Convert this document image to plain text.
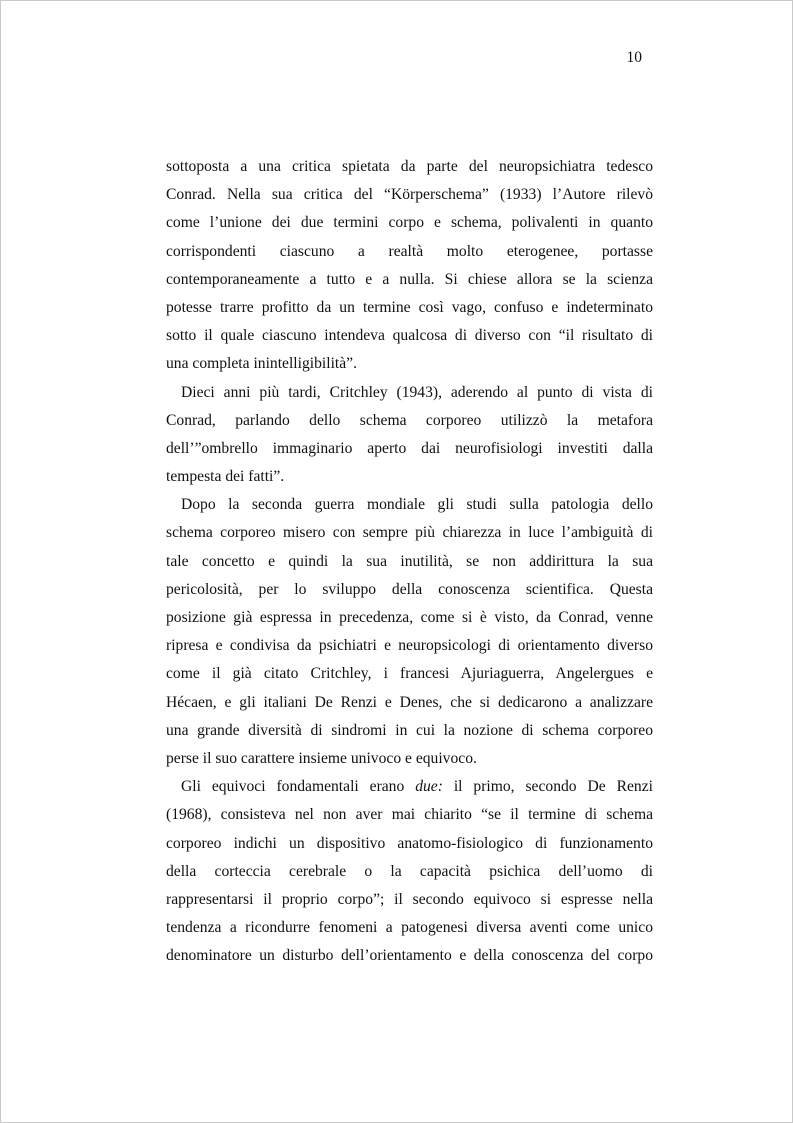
10
sottoposta a una critica spietata da parte del neuropsichiatra tedesco
Conrad. Nella sua critica del “Körperschema” (1933) l’Autore rilevò
come l’unione dei due termini corpo e schema, polivalenti in quanto
corrispondenti ciascuno a realtà molto eterogenee, portasse
contemporaneamente a tutto e a nulla. Si chiese allora se la scienza
potesse trarre profitto da un termine così vago, confuso e indeterminato
sotto il quale ciascuno intendeva qualcosa di diverso con “il risultato di
una completa inintelligibilità”.
Dieci anni più tardi, Critchley (1943), aderendo al punto di vista di
Conrad, parlando dello schema corporeo utilizzò la metafora
dell’”ombrello immaginario aperto dai neurofisiologi investiti dalla
tempesta dei fatti”.
Dopo la seconda guerra mondiale gli studi sulla patologia dello
schema corporeo misero con sempre più chiarezza in luce l’ambiguità di
tale concetto e quindi la sua inutilità, se non addirittura la sua
pericolosità, per lo sviluppo della conoscenza scientifica. Questa
posizione già espressa in precedenza, come si è visto, da Conrad, venne
ripresa e condivisa da psichiatri e neuropsicologi di orientamento diverso
come il già citato Critchley, i francesi Ajuriaguerra, Angelergues e
Hécaen, e gli italiani De Renzi e Denes, che si dedicarono a analizzare
una grande diversità di sindromi in cui la nozione di schema corporeo
perse il suo carattere insieme univoco e equivoco.
Gli equivoci fondamentali erano due: il primo, secondo De Renzi
(1968), consisteva nel non aver mai chiarito “se il termine di schema
corporeo indichi un dispositivo anatomo-fisiologico di funzionamento
della corteccia cerebrale o la capacità psichica dell’uomo di
rappresentarsi il proprio corpo”; il secondo equivoco si espresse nella
tendenza a ricondurre fenomeni a patogenesi diversa aventi come unico
denominatore un disturbo dell’orientamento e della conoscenza del corpo
